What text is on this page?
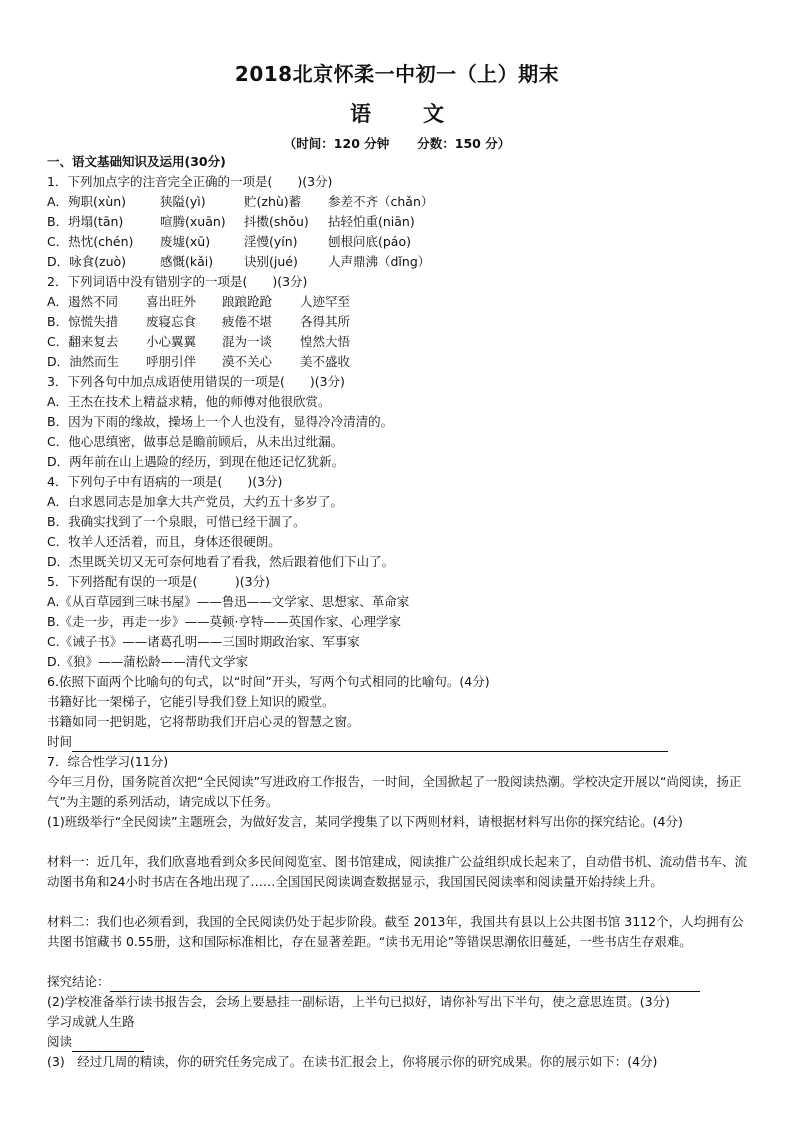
2018北京怀柔一中初一（上）期末
语 文
（时间：120 分钟 分数：150 分）
一、语文基础知识及运用(30分)
1．下列加点字的注音完全正确的一项是(　　)(3分)
A．殉职(xùn)	狭隘(yì)	贮(zhù)蓄 参差不齐（chǎn）
B．坍塌(tān)	喧腾(xuān) 抖擞(shǒu) 拈轻怕重(niān)
C．热忱(chén) 废墟(xū)	淫慢(yín) 刨根问底(páo)
D．咏食(zuò)	感慨(kǎi) 诀别(jué) 人声鼎沸（dǐng）
2．下列词语中没有错别字的一项是(　　)(3分)
A．遏然不同 喜出旺外 踉踉跄跄 人迹罕至
B．惊慌失措 废寝忘食 疲倦不堪 各得其所
C．翻来复去 小心翼翼 混为一谈 惶然大悟
D．油然而生 呼朋引伴 漠不关心 美不盛收
3．下列各句中加点成语使用错误的一项是(　　)(3分)
A．王杰在技术上精益求精，他的师傅对他很欣赏。
B．因为下雨的缘故，操场上一个人也没有，显得冷冷清清的。
C．他心思缜密，做事总是瞻前顾后，从未出过纰漏。
D．两年前在山上遇险的经历，到现在他还记忆犹新。
4．下列句子中有语病的一项是(　　)(3分)
A．白求恩同志是加拿大共产党员，大约五十多岁了。
B．我确实找到了一个泉眼，可惜已经干涸了。
C．牧羊人还活着，而且，身体还很硬朗。
D．杰里既关切又无可奈何地看了看我，然后跟着他们下山了。
5．下列搭配有误的一项是(　　　)(3分)
A.《从百草园到三味书屋》——鲁迅——文学家、思想家、革命家
B.《走一步，再走一步》——莫顿·亨特——英国作家、心理学家
C.《诫子书》——诸葛孔明——三国时期政治家、军事家
D.《狼》——蒲松龄——清代文学家
6.依照下面两个比喻句的句式，以“时间”开头，写两个句式相同的比喻句。(4分)
书籍好比一架梯子，它能引导我们登上知识的殿堂。
书籍如同一把钥匙，它将帮助我们开启心灵的智慧之窗。
时间
7．综合性学习(11分)
今年三月份，国务院首次把“全民阅读”写进政府工作报告，一时间，全国掀起了一股阅读热潮。学校决定开展以“尚阅读，扬正气”为主题的系列活动，请完成以下任务。
(1)班级举行“全民阅读”主题班会，为做好发言，某同学搜集了以下两则材料，请根据材料写出你的探究结论。(4分)
材料一：近几年，我们欣喜地看到众多民间阅览室、图书馆建成，阅读推广公益组织成长起来了，自动借书机、流动借书车、流动图书角和24小时书店在各地出现了……全国国民阅读调查数据显示，我国国民阅读率和阅读量开始持续上升。
材料二：我们也必须看到，我国的全民阅读仍处于起步阶段。截至 2013年，我国共有县以上公共图书馆 3112个，人均拥有公共图书馆藏书 0.55册，这和国际标准相比，存在显著差距。“读书无用论”等错误思潮依旧蔓延，一些书店生存艰难。
探究结论：
(2)学校准备举行读书报告会，会场上要悬挂一副标语，上半句已拟好，请你补写出下半句，使之意思连贯。(3分)
学习成就人生路
阅读
(3)　经过几周的精读，你的研究任务完成了。在读书汇报会上，你将展示你的研究成果。你的展示如下：(4分)
